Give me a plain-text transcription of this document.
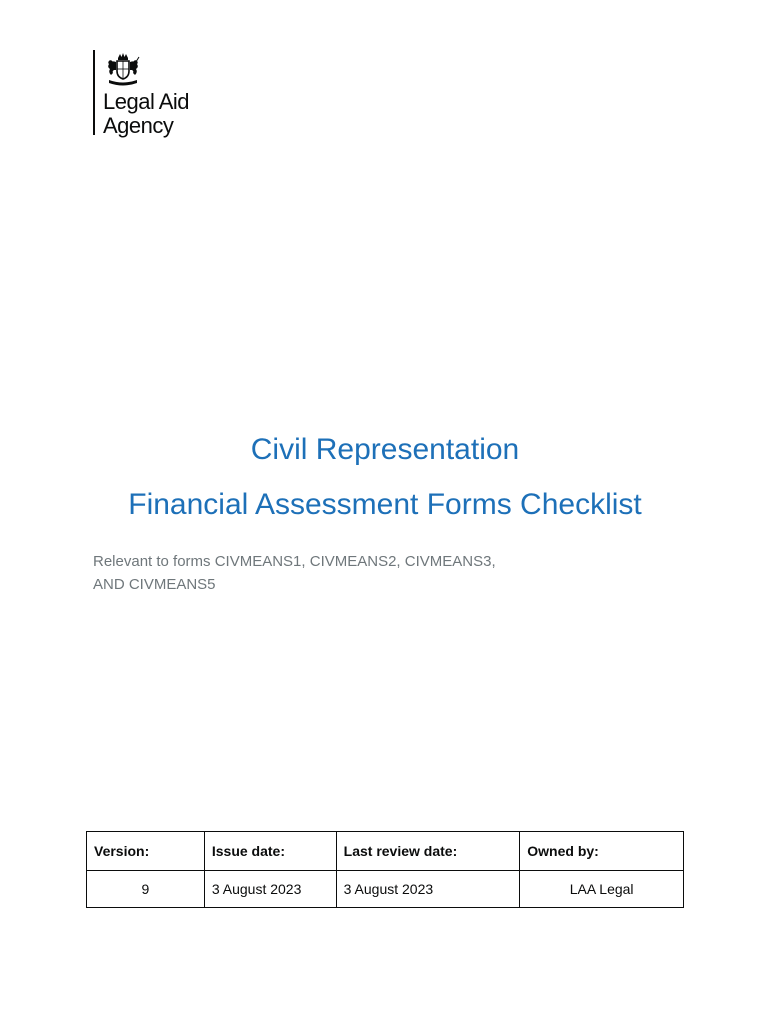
Legal Aid
Agency
Civil Representation
Financial Assessment Forms Checklist
Relevant to forms CIVMEANS1, CIVMEANS2, CIVMEANS3,
AND CIVMEANS5
Version:	Issue date:	Last review date:	Owned by:
9	3 August 2023	3 August 2023	LAA Legal
